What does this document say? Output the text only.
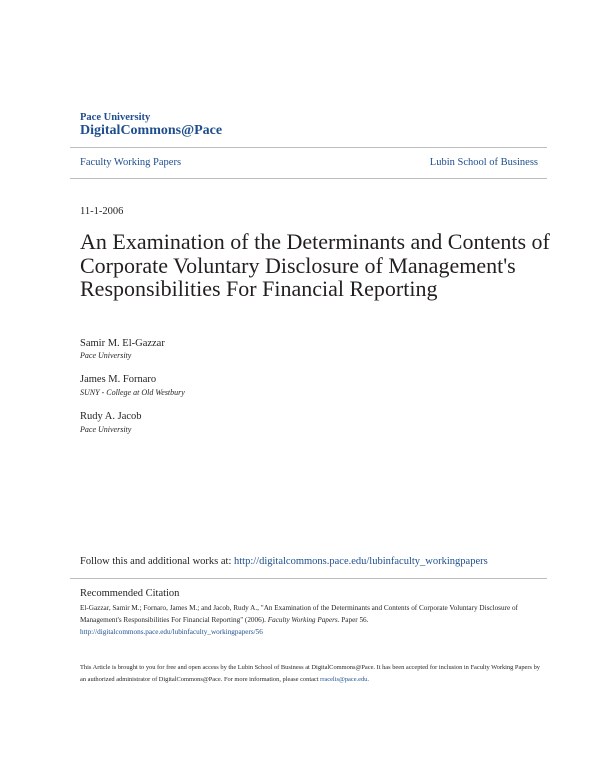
Pace University
DigitalCommons@Pace
Faculty Working Papers	Lubin School of Business
11-1-2006
An Examination of the Determinants and Contents of Corporate Voluntary Disclosure of Management's Responsibilities For Financial Reporting
Samir M. El-Gazzar
Pace University
James M. Fornaro
SUNY - College at Old Westbury
Rudy A. Jacob
Pace University
Follow this and additional works at: http://digitalcommons.pace.edu/lubinfaculty_workingpapers
Recommended Citation
El-Gazzar, Samir M.; Fornaro, James M.; and Jacob, Rudy A., "An Examination of the Determinants and Contents of Corporate Voluntary Disclosure of Management's Responsibilities For Financial Reporting" (2006). Faculty Working Papers. Paper 56.
http://digitalcommons.pace.edu/lubinfaculty_workingpapers/56
This Article is brought to you for free and open access by the Lubin School of Business at DigitalCommons@Pace. It has been accepted for inclusion in Faculty Working Papers by an authorized administrator of DigitalCommons@Pace. For more information, please contact rracelis@pace.edu.
